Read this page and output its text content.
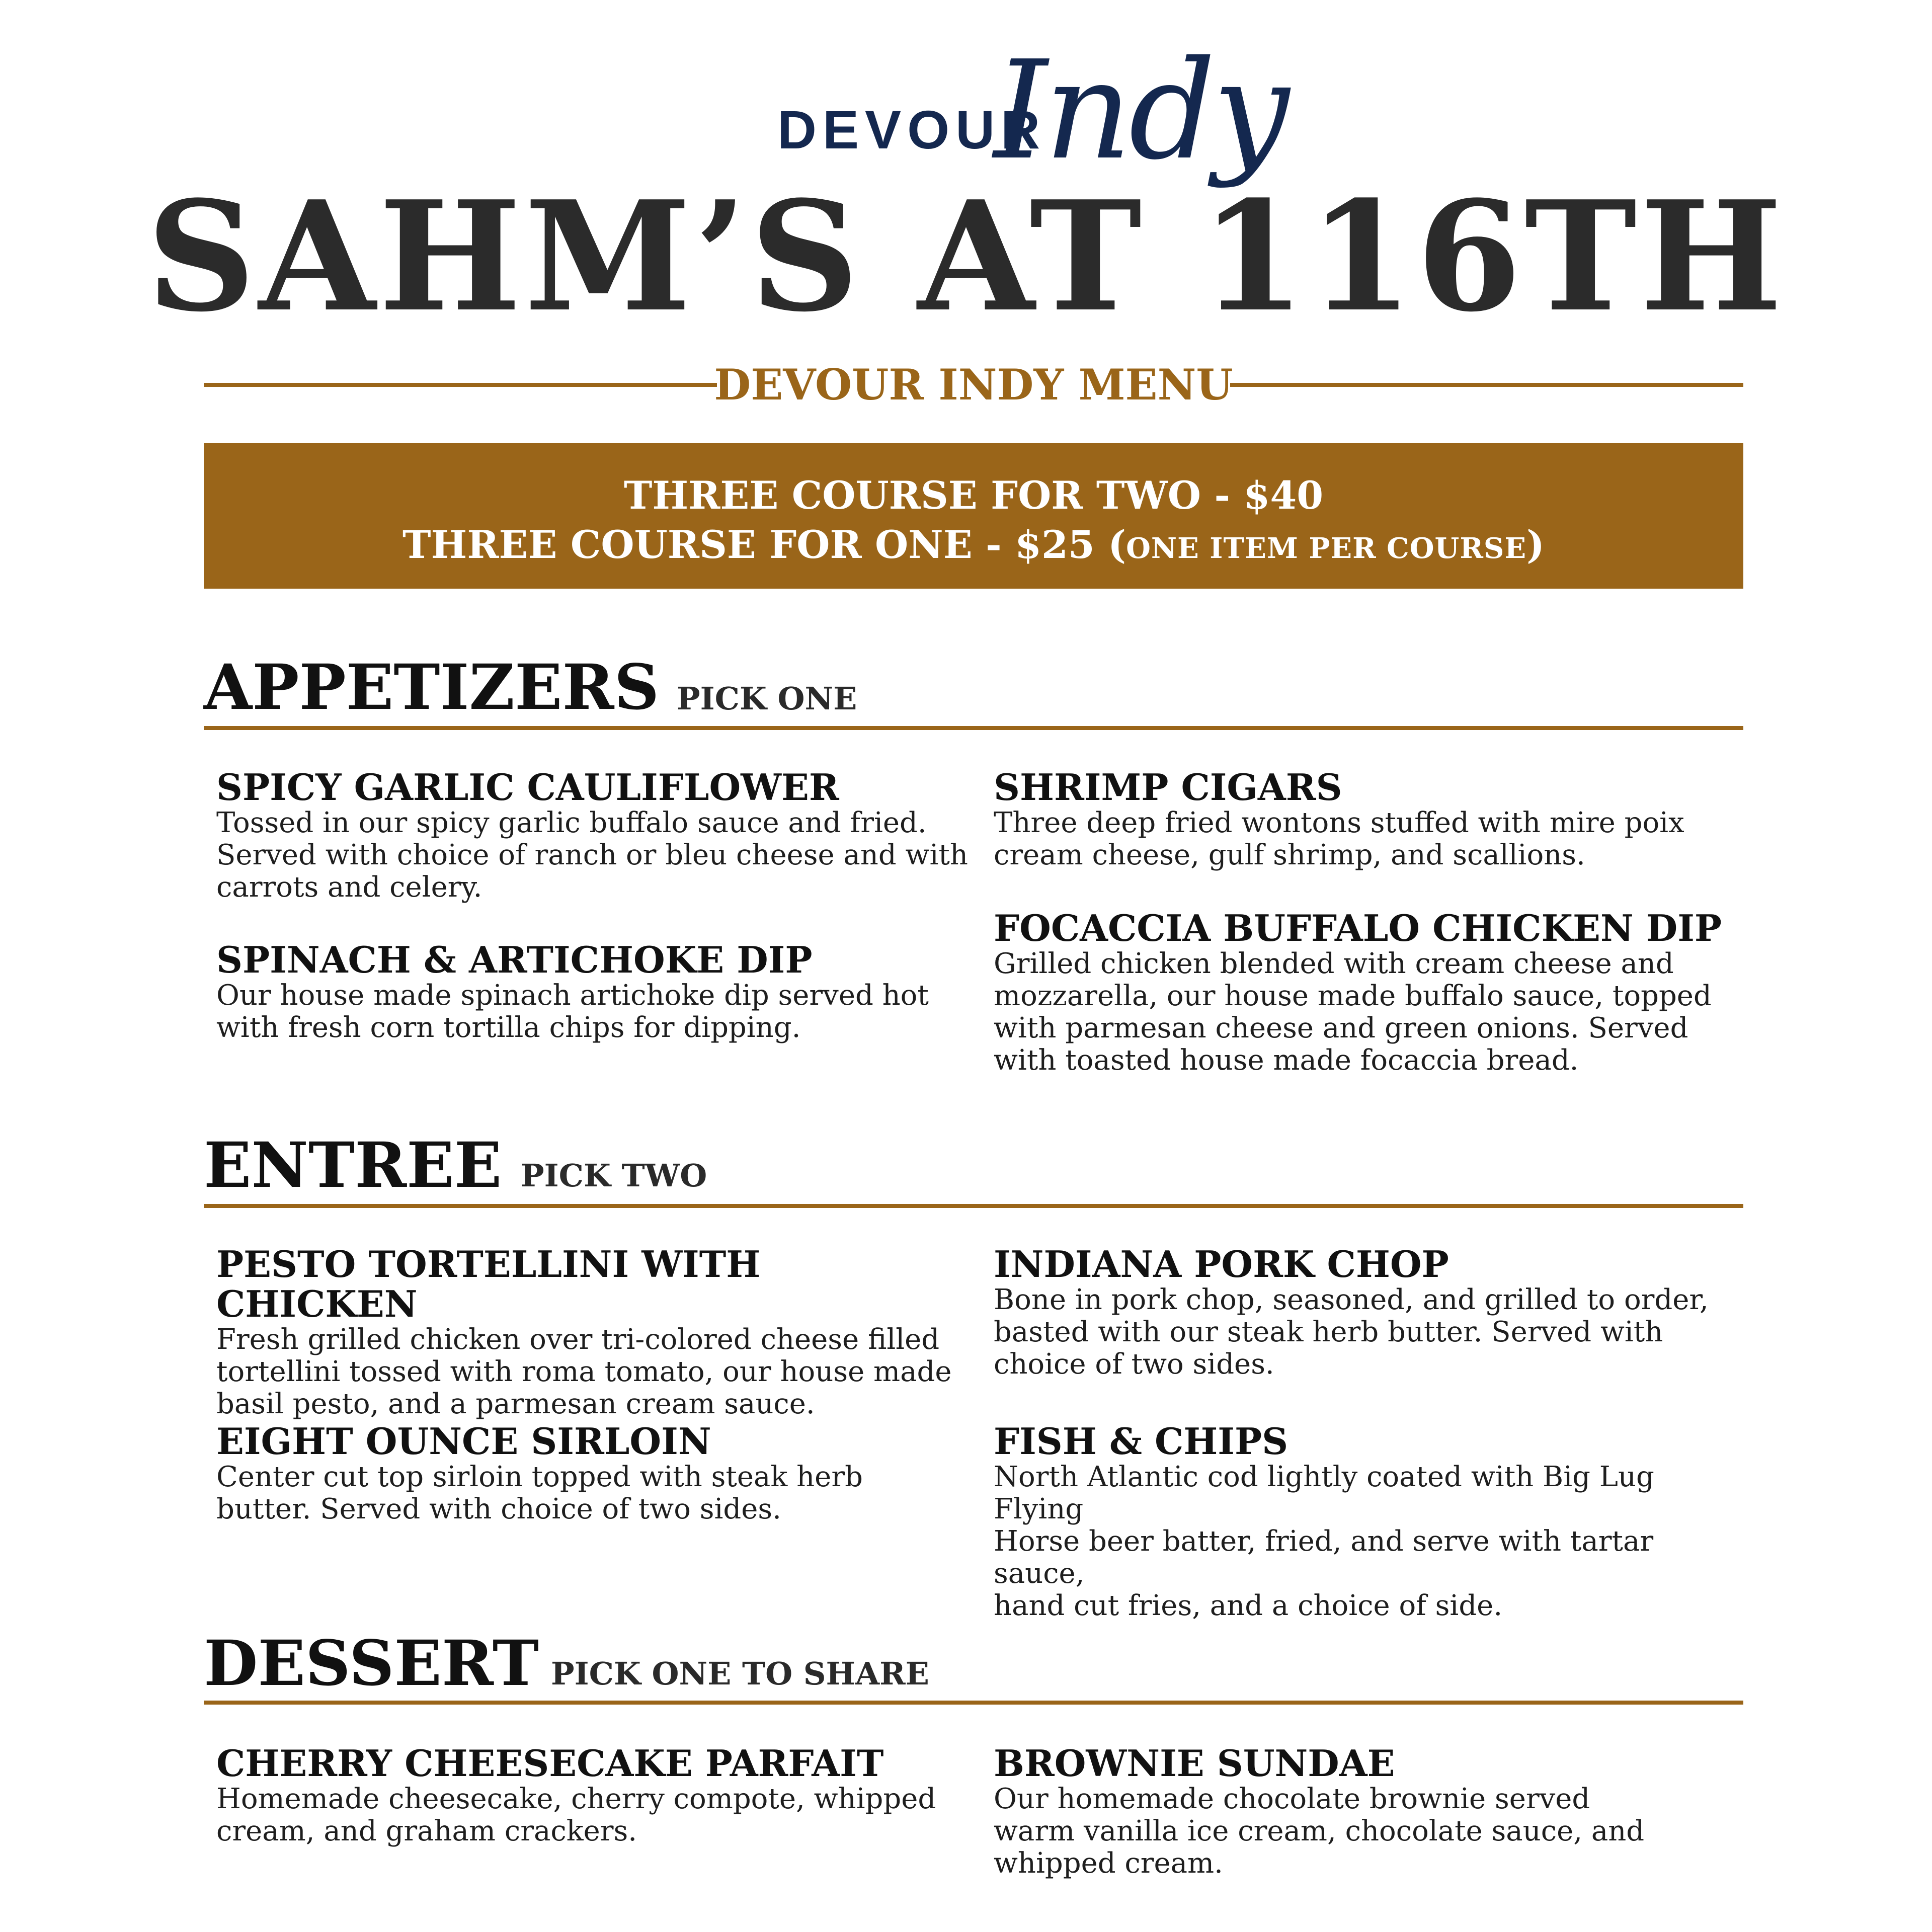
DEVOUR
Indy
SAHM’S AT 116TH
DEVOUR INDY MENU
THREE COURSE FOR TWO - $40
THREE COURSE FOR ONE - $25 (ONE ITEM PER COURSE)
APPETIZERS PICK ONE

SPICY GARLIC CAULIFLOWER

Tossed in our spicy garlic buffalo sauce and fried.
Served with choice of ranch or bleu cheese and with
carrots and celery.

SHRIMP CIGARS

Three deep fried wontons stuffed with mire poix
cream cheese, gulf shrimp, and scallions.

SPINACH & ARTICHOKE DIP

Our house made spinach artichoke dip served hot
with fresh corn tortilla chips for dipping.

FOCACCIA BUFFALO CHICKEN DIP

Grilled chicken blended with cream cheese and
mozzarella, our house made buffalo sauce, topped
with parmesan cheese and green onions. Served
with toasted house made focaccia bread.

ENTREE PICK TWO

PESTO TORTELLINI WITH CHICKEN

Fresh grilled chicken over tri-colored cheese filled
tortellini tossed with roma tomato, our house made
basil pesto, and a parmesan cream sauce.

INDIANA PORK CHOP

Bone in pork chop, seasoned, and grilled to order,
basted with our steak herb butter. Served with
choice of two sides.

EIGHT OUNCE SIRLOIN

Center cut top sirloin topped with steak herb
butter. Served with choice of two sides.

FISH & CHIPS

North Atlantic cod lightly coated with Big Lug Flying
Horse beer batter, fried, and serve with tartar sauce,
hand cut fries, and a choice of side.

DESSERT PICK ONE TO SHARE

CHERRY CHEESECAKE PARFAIT

Homemade cheesecake, cherry compote, whipped
cream, and graham crackers.

BROWNIE SUNDAE

Our homemade chocolate brownie served
warm vanilla ice cream, chocolate sauce, and
whipped cream.
